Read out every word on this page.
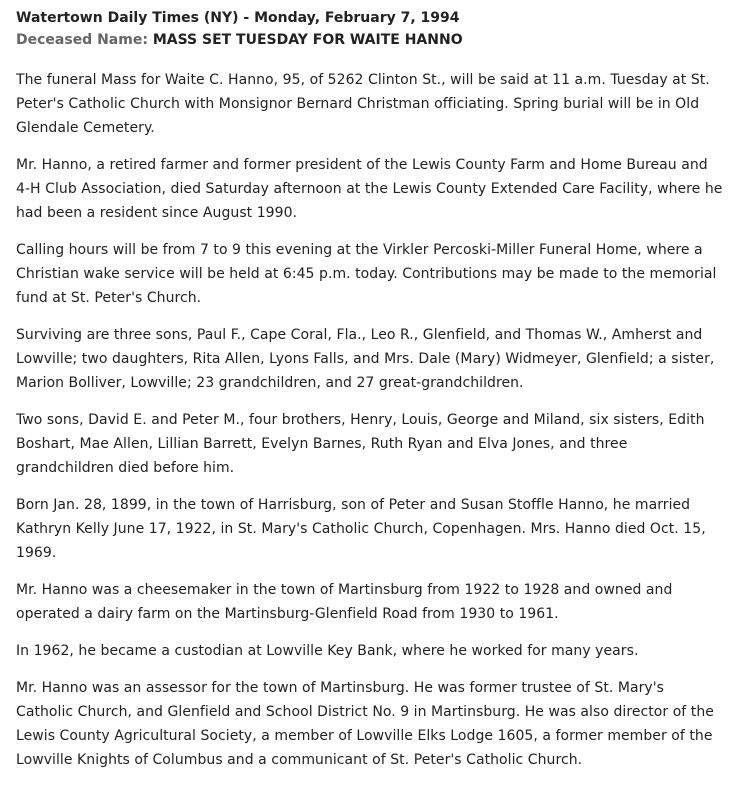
Watertown Daily Times (NY) - Monday, February 7, 1994
Deceased Name: MASS SET TUESDAY FOR WAITE HANNO

The funeral Mass for Waite C. Hanno, 95, of 5262 Clinton St., will be said at 11 a.m. Tuesday at St. Peter's Catholic Church with Monsignor Bernard Christman officiating. Spring burial will be in Old Glendale Cemetery.

Mr. Hanno, a retired farmer and former president of the Lewis County Farm and Home Bureau and 4-H Club Association, died Saturday afternoon at the Lewis County Extended Care Facility, where he had been a resident since August 1990.

Calling hours will be from 7 to 9 this evening at the Virkler Percoski-Miller Funeral Home, where a Christian wake service will be held at 6:45 p.m. today. Contributions may be made to the memorial fund at St. Peter's Church.

Surviving are three sons, Paul F., Cape Coral, Fla., Leo R., Glenfield, and Thomas W., Amherst and Lowville; two daughters, Rita Allen, Lyons Falls, and Mrs. Dale (Mary) Widmeyer, Glenfield; a sister, Marion Bolliver, Lowville; 23 grandchildren, and 27 great-grandchildren.

Two sons, David E. and Peter M., four brothers, Henry, Louis, George and Miland, six sisters, Edith Boshart, Mae Allen, Lillian Barrett, Evelyn Barnes, Ruth Ryan and Elva Jones, and three grandchildren died before him.

Born Jan. 28, 1899, in the town of Harrisburg, son of Peter and Susan Stoffle Hanno, he married Kathryn Kelly June 17, 1922, in St. Mary's Catholic Church, Copenhagen. Mrs. Hanno died Oct. 15, 1969.

Mr. Hanno was a cheesemaker in the town of Martinsburg from 1922 to 1928 and owned and operated a dairy farm on the Martinsburg-Glenfield Road from 1930 to 1961.

In 1962, he became a custodian at Lowville Key Bank, where he worked for many years.

Mr. Hanno was an assessor for the town of Martinsburg. He was former trustee of St. Mary's Catholic Church, and Glenfield and School District No. 9 in Martinsburg. He was also director of the Lewis County Agricultural Society, a member of Lowville Elks Lodge 1605, a former member of the Lowville Knights of Columbus and a communicant of St. Peter's Catholic Church.
